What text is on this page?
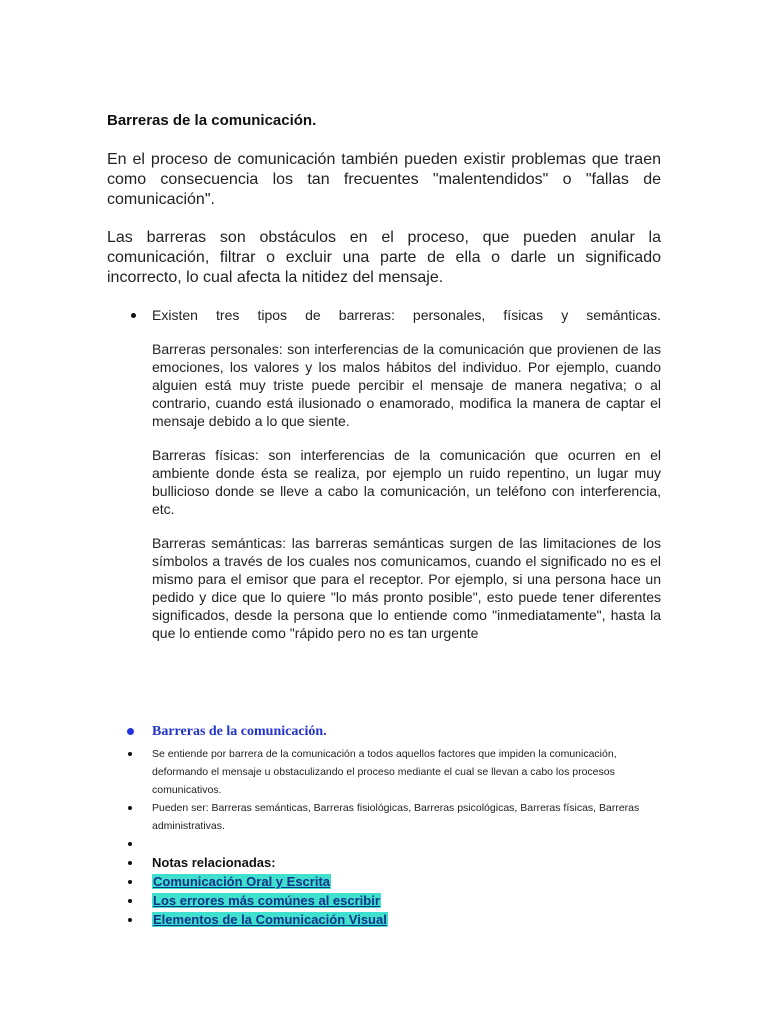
Barreras de la comunicación.

En el proceso de comunicación también pueden existir problemas que traen como consecuencia los tan frecuentes "malentendidos" o "fallas de comunicación".

Las barreras son obstáculos en el proceso, que pueden anular la comunicación, filtrar o excluir una parte de ella o darle un significado incorrecto, lo cual afecta la nitidez del mensaje.

Existen tres tipos de barreras: personales, físicas y semánticas.

Barreras personales: son interferencias de la comunicación que provienen de las emociones, los valores y los malos hábitos del individuo. Por ejemplo, cuando alguien está muy triste puede percibir el mensaje de manera negativa; o al contrario, cuando está ilusionado o enamorado, modifica la manera de captar el mensaje debido a lo que siente.

Barreras físicas: son interferencias de la comunicación que ocurren en el ambiente donde ésta se realiza, por ejemplo un ruido repentino, un lugar muy bullicioso donde se lleve a cabo la comunicación, un teléfono con interferencia, etc.

Barreras semánticas: las barreras semánticas surgen de las limitaciones de los símbolos a través de los cuales nos comunicamos, cuando el significado no es el mismo para el emisor que para el receptor. Por ejemplo, si una persona hace un pedido y dice que lo quiere "lo más pronto posible", esto puede tener diferentes significados, desde la persona que lo entiende como "inmediatamente", hasta la que lo entiende como "rápido pero no es tan urgente

Barreras de la comunicación.
Se entiende por barrera de la comunicación a todos aquellos factores que impiden la comunicación, deformando el mensaje u obstaculizando el proceso mediante el cual se llevan a cabo los procesos comunicativos.
Pueden ser: Barreras semánticas, Barreras fisiológicas, Barreras psicológicas, Barreras físicas, Barreras administrativas.
Notas relacionadas:
Comunicación Oral y Escrita
Los errores más comúnes al escribir
Elementos de la Comunicación Visual
